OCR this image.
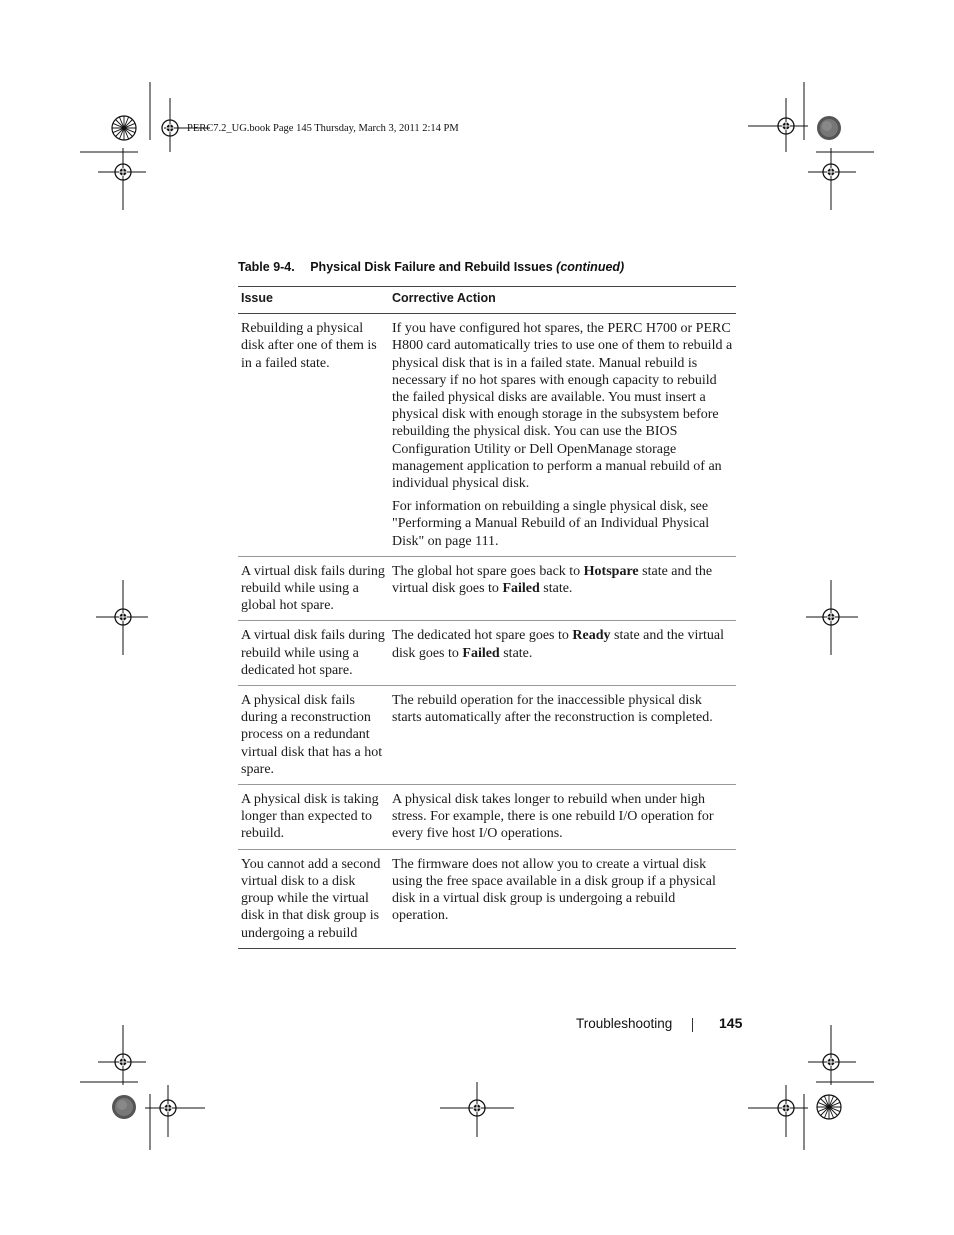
PERC7.2_UG.book Page 145 Thursday, March 3, 2011 2:14 PM
Table 9-4. Physical Disk Failure and Rebuild Issues (continued)
Issue	Corrective Action
Rebuilding a physical disk after one of them is in a failed state.	If you have configured hot spares, the PERC H700 or PERC H800 card automatically tries to use one of them to rebuild a physical disk that is in a failed state. Manual rebuild is necessary if no hot spares with enough capacity to rebuild the failed physical disks are available. You must insert a physical disk with enough storage in the subsystem before rebuilding the physical disk. You can use the BIOS Configuration Utility or Dell OpenManage storage management application to perform a manual rebuild of an individual physical disk.

For information on rebuilding a single physical disk, see "Performing a Manual Rebuild of an Individual Physical Disk" on page 111.

A virtual disk fails during rebuild while using a global hot spare.	The global hot spare goes back to Hotspare state and the virtual disk goes to Failed state.
A virtual disk fails during rebuild while using a dedicated hot spare.	The dedicated hot spare goes to Ready state and the virtual disk goes to Failed state.
A physical disk fails during a reconstruction process on a redundant virtual disk that has a hot spare.	The rebuild operation for the inaccessible physical disk starts automatically after the reconstruction is completed.
A physical disk is taking longer than expected to rebuild.	A physical disk takes longer to rebuild when under high stress. For example, there is one rebuild I/O operation for every five host I/O operations.
You cannot add a second virtual disk to a disk group while the virtual disk in that disk group is undergoing a rebuild	The firmware does not allow you to create a virtual disk using the free space available in a disk group if a physical disk in a virtual disk group is undergoing a rebuild operation.
Troubleshooting	145
